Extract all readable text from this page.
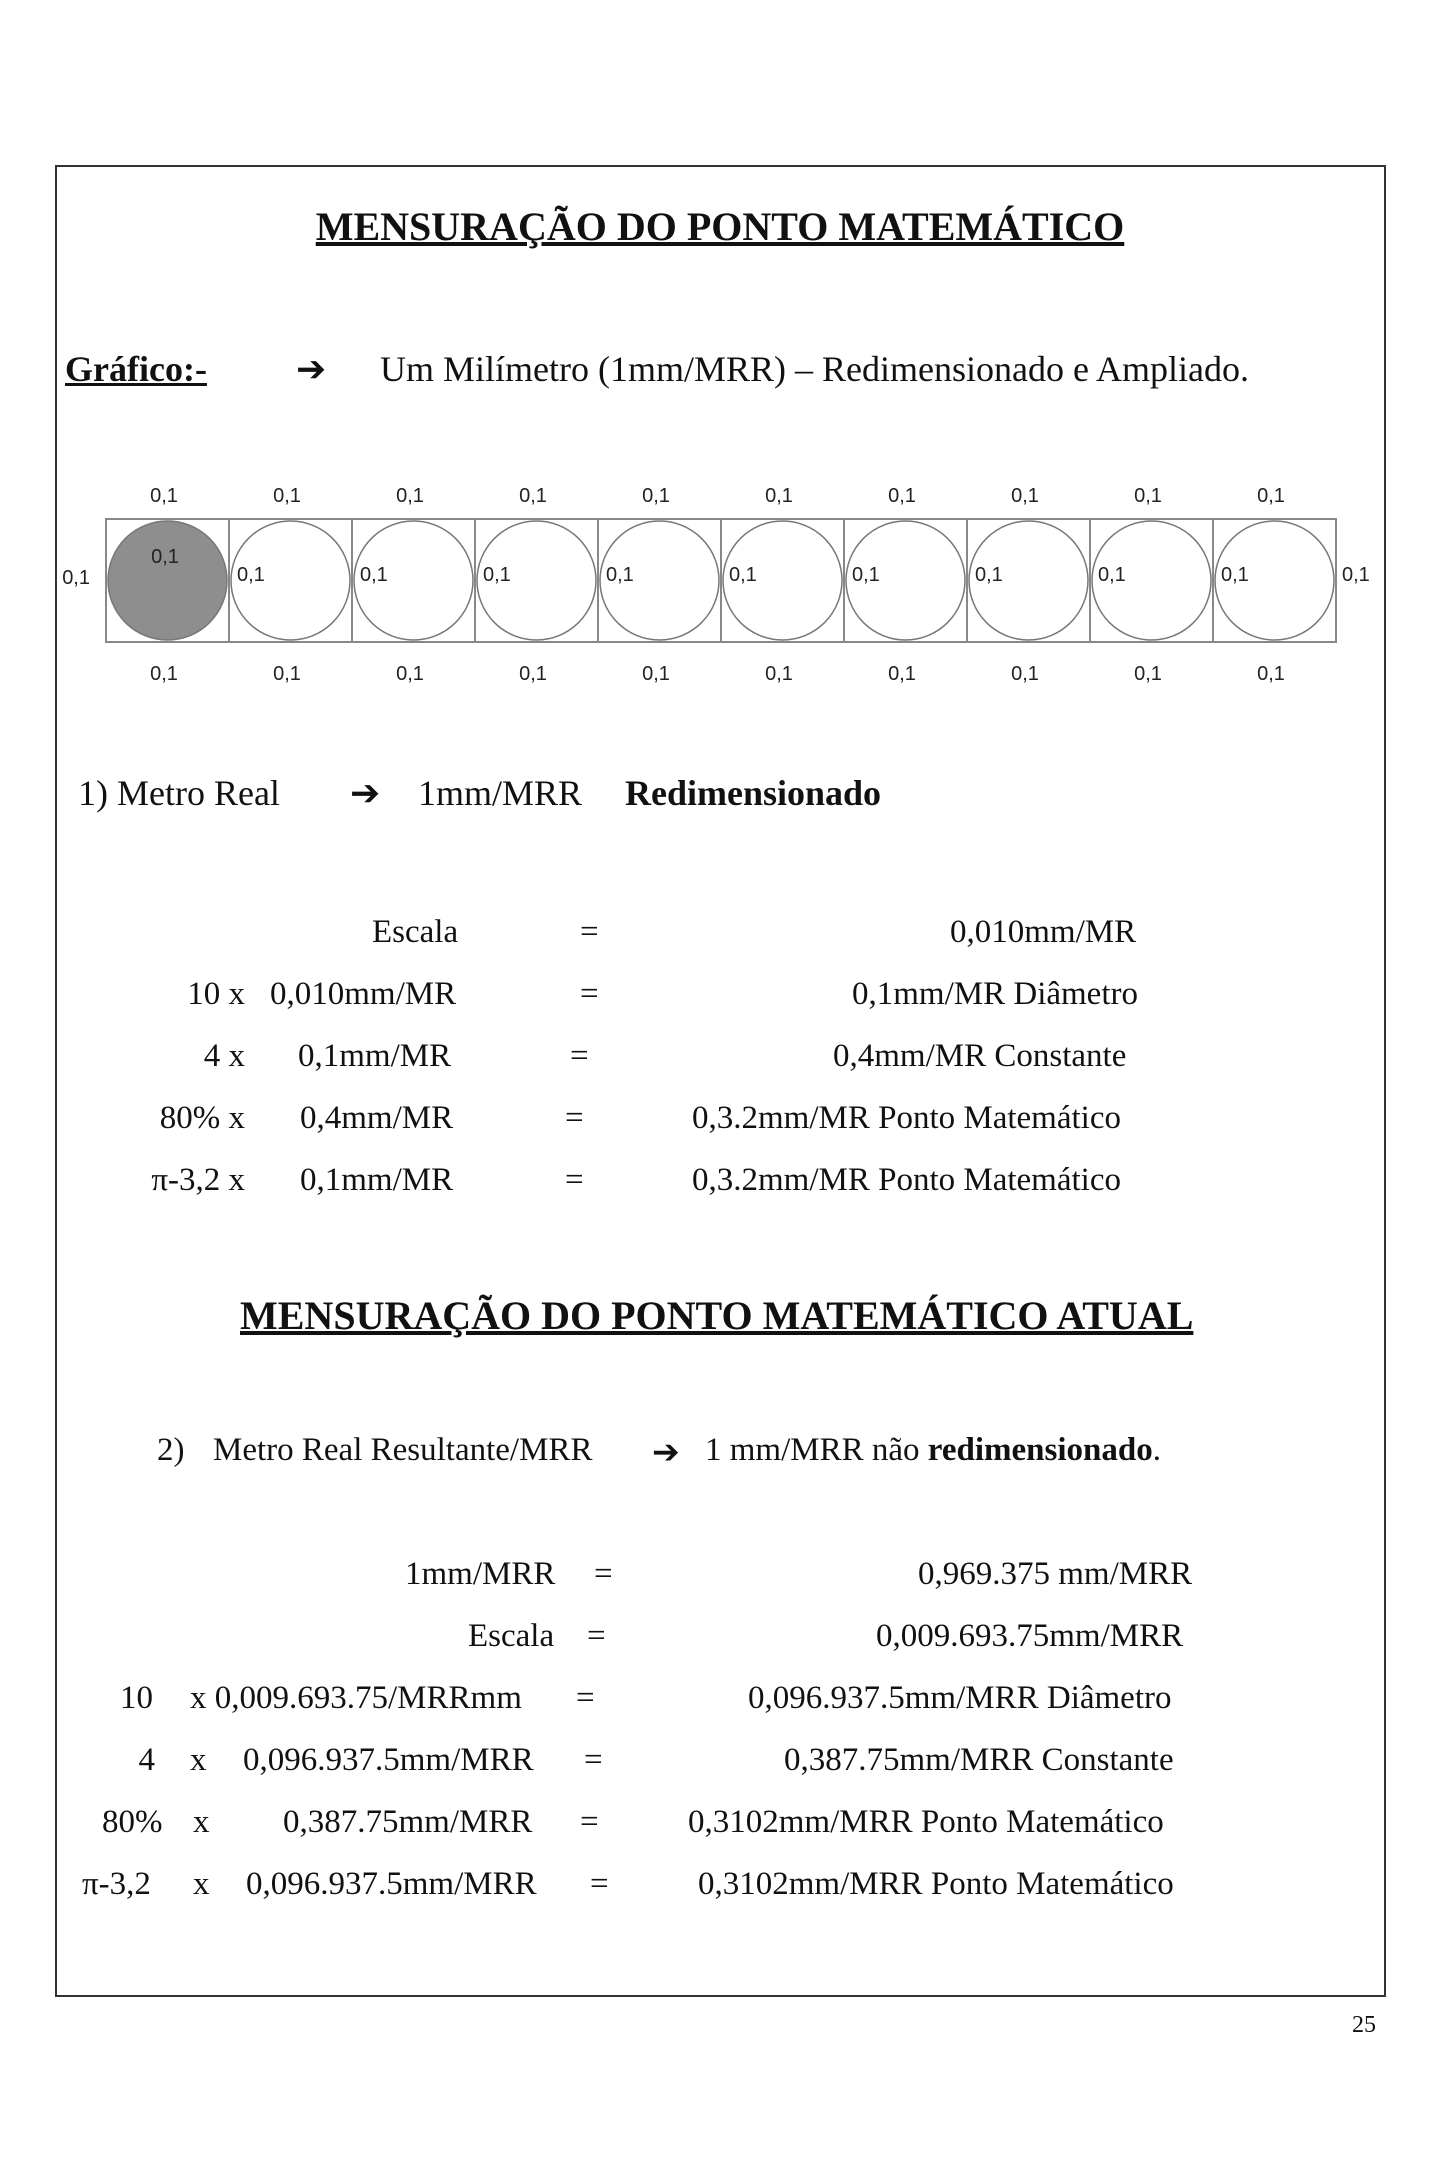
MENSURAÇÃO DO PONTO MATEMÁTICO
Gráfico:- ➔ Um Milímetro (1mm/MRR) – Redimensionado e Ampliado.
0,1
0,1
0,1
0,1
0,1
0,1
0,1
0,1
0,1
0,1
0,1
0,1
0,1
0,1
0,1
0,1
0,1
0,1
0,1
0,1
0,1
0,1
0,1
0,1
0,1
0,1
0,1
0,1
0,1
0,1
0,1	0,1
1) Metro Real ➔ 1mm/MRR Redimensionado
Escala	=	0,010mm/MR
10 x 0,010mm/MR	=	0,1mm/MR Diâmetro
4 x 0,1mm/MR	=	0,4mm/MR Constante
80% x 0,4mm/MR	=	0,3.2mm/MR Ponto Matemático
π-3,2 x 0,1mm/MR	=	0,3.2mm/MR Ponto Matemático
MENSURAÇÃO DO PONTO MATEMÁTICO ATUAL
2) Metro Real Resultante/MRR ➔ 1 mm/MRR não redimensionado.
1mm/MRR =	0,969.375 mm/MRR
Escala =	0,009.693.75mm/MRR
10 x 0,009.693.75/MRRmm =	0,096.937.5mm/MRR Diâmetro
4 x 0,096.937.5mm/MRR =	0,387.75mm/MRR Constante
80% x 0,387.75mm/MRR =	0,3102mm/MRR Ponto Matemático
π-3,2 x 0,096.937.5mm/MRR =	0,3102mm/MRR Ponto Matemático
25
